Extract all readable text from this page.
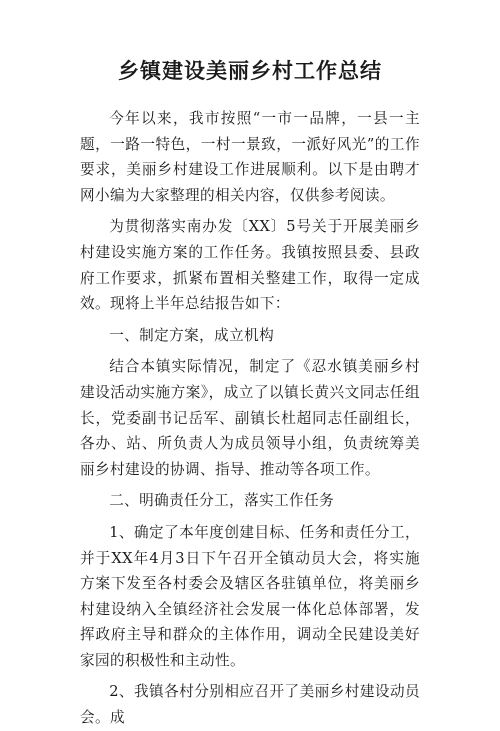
乡镇建设美丽乡村工作总结

今年以来，我市按照“一市一品牌，一县一主题，一路一特色，一村一景致，一派好风光”的工作要求，美丽乡村建设工作进展顺利。以下是由聘才网小编为大家整理的相关内容，仅供参考阅读。

为贯彻落实南办发〔XX〕5号关于开展美丽乡村建设实施方案的工作任务。我镇按照县委、县政府工作要求，抓紧布置相关整建工作，取得一定成效。现将上半年总结报告如下：

一、制定方案，成立机构

结合本镇实际情况，制定了《忍水镇美丽乡村建设活动实施方案》，成立了以镇长黄兴文同志任组长，党委副书记岳军、副镇长杜超同志任副组长，各办、站、所负责人为成员领导小组，负责统筹美丽乡村建设的协调、指导、推动等各项工作。

二、明确责任分工，落实工作任务

1、确定了本年度创建目标、任务和责任分工，并于XX年4月3日下午召开全镇动员大会，将实施方案下发至各村委会及辖区各驻镇单位，将美丽乡村建设纳入全镇经济社会发展一体化总体部署，发挥政府主导和群众的主体作用，调动全民建设美好家园的积极性和主动性。

2、我镇各村分别相应召开了美丽乡村建设动员会。成
